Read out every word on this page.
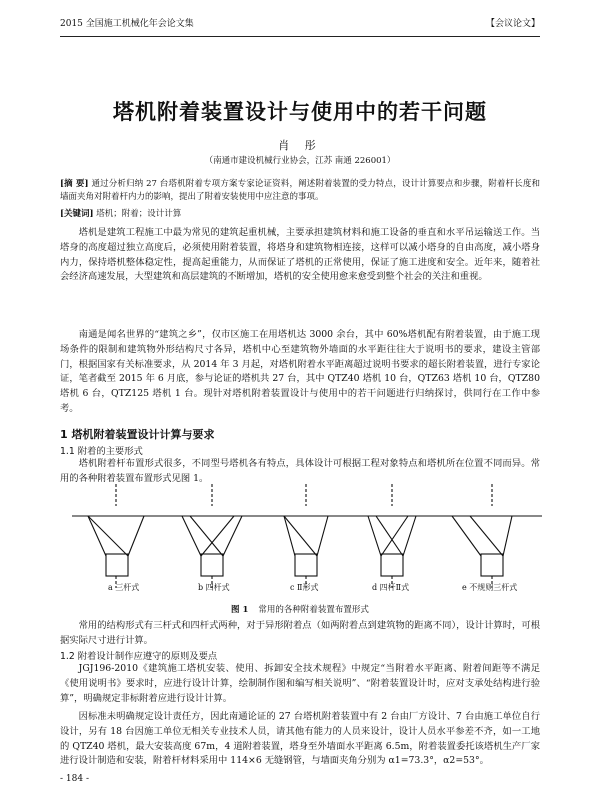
2015 全国施工机械化年会论文集	【会议论文】
塔机附着装置设计与使用中的若干问题
肖 彤
（南通市建设机械行业协会，江苏 南通 226001）
[摘 要] 通过分析归纳 27 台塔机附着专项方案专家论证资料，阐述附着装置的受力特点，设计计算要点和步骤，附着杆长度和墙面夹角对附着杆内力的影响，提出了附着安装使用中应注意的事项。
[关键词] 塔机；附着；设计计算

塔机是建筑工程施工中最为常见的建筑起重机械，主要承担建筑材料和施工设备的垂直和水平吊运输送工作。当塔身的高度超过独立高度后，必须使用附着装置，将塔身和建筑物相连接，这样可以减小塔身的自由高度，减小塔身内力，保持塔机整体稳定性，提高起重能力，从而保证了塔机的正常使用，保证了施工进度和安全。近年来，随着社会经济高速发展，大型建筑和高层建筑的不断增加，塔机的安全使用愈来愈受到整个社会的关注和重视。

南通是闻名世界的“建筑之乡”，仅市区施工在用塔机达 3000 余台，其中 60%塔机配有附着装置，由于施工现场条件的限制和建筑物外形结构尺寸各异，塔机中心至建筑物外墙面的水平距往往大于说明书的要求，建设主管部门，根据国家有关标准要求，从 2014 年 3 月起，对塔机附着水平距离超过说明书要求的超长附着装置，进行专家论证，笔者截至 2015 年 6 月底，参与论证的塔机共 27 台，其中 QTZ40 塔机 10 台，QTZ63 塔机 10 台，QTZ80 塔机 6 台，QTZ125 塔机 1 台。现针对塔机附着装置设计与使用中的若干问题进行归纳探讨，供同行在工作中参考。

1 塔机附着装置设计计算与要求
1.1 附着的主要形式

塔机附着杆布置形式很多，不同型号塔机各有特点，具体设计可根据工程对象特点和塔机所在位置不同而异。常用的各种附着装置布置形式见图 1。

a 三杆式	b 四杆式	c Ⅱ形式	d 四杆Ⅱ式	e 不规则三杆式
图 1 常用的各种附着装置布置形式

常用的结构形式有三杆式和四杆式两种，对于异形附着点（如两附着点到建筑物的距离不同），设计计算时，可根据实际尺寸进行计算。

1.2 附着设计制作应遵守的原则及要点

JGJ196-2010《建筑施工塔机安装、使用、拆卸安全技术规程》中规定“当附着水平距离、附着间距等不满足《使用说明书》要求时，应进行设计计算，绘制制作图和编写相关说明”、“附着装置设计时，应对支承处结构进行验算”，明确规定非标附着应进行设计计算。

因标准未明确规定设计责任方，因此南通论证的 27 台塔机附着装置中有 2 台由厂方设计、7 台由施工单位自行设计，另有 18 台因施工单位无相关专业技术人员，请其他有能力的人员来设计，设计人员水平参差不齐，如一工地的 QTZ40 塔机，最大安装高度 67m，4 道附着装置，塔身至外墙面水平距离 6.5m，附着装置委托该塔机生产厂家进行设计制造和安装，附着杆材料采用中 114×6 无缝钢管，与墙面夹角分别为 α1=73.3°，α2=53°。

- 184 -
